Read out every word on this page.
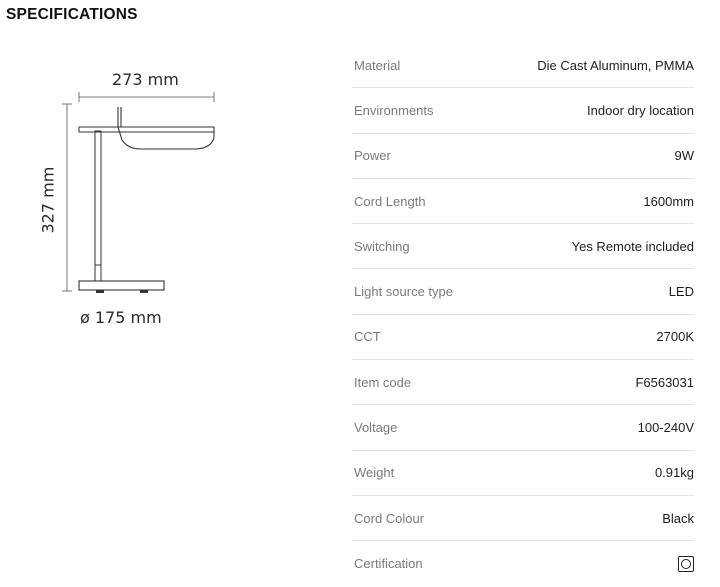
SPECIFICATIONS
273 mm
327 mm
ø 175 mm
Material	Die Cast Aluminum, PMMA
Environments	Indoor dry location
Power	9W
Cord Length	1600mm
Switching	Yes Remote included
Light source type	LED
CCT	2700K
Item code	F6563031
Voltage	100-240V
Weight	0.91kg
Cord Colour	Black
Certification
